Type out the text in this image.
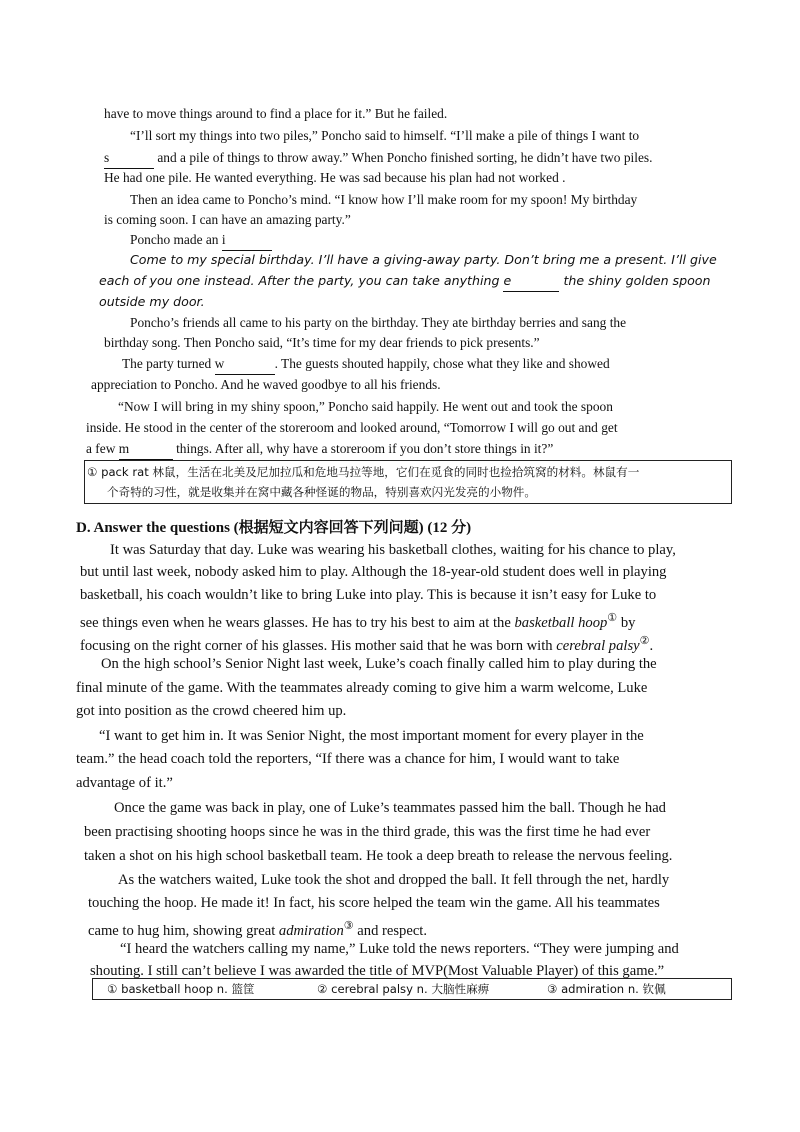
have to move things around to find a place for it.” But he failed.
“I’ll sort my things into two piles,” Poncho said to himself. “I’ll make a pile of things I want to
s	and a pile of things to throw away.” When Poncho finished sorting, he didn’t have two piles.
He had one pile. He wanted everything. He was sad because his plan had not worked .
Then an idea came to Poncho’s mind. “I know how I’ll make room for my spoon! My birthday
is coming soon. I can have an amazing party.”
Poncho made an i
Come to my special birthday. I’ll have a giving-away party. Don’t bring me a present. I’ll give
each of you one instead. After the party, you can take anything e	the shiny golden spoon
outside my door.
Poncho’s friends all came to his party on the birthday. They ate birthday berries and sang the
birthday song. Then Poncho said, “It’s time for my dear friends to pick presents.”
The party turned w	. The guests shouted happily, chose what they like and showed
appreciation to Poncho. And he waved goodbye to all his friends.
“Now I will bring in my shiny spoon,” Poncho said happily. He went out and took the spoon
inside. He stood in the center of the storeroom and looked around, “Tomorrow I will go out and get
a few m	things. After all, why have a storeroom if you don’t store things in it?”
① pack rat 林鼠，生活在北美及尼加拉瓜和危地马拉等地，它们在觅食的同时也捡拾筑窝的材料。林鼠有一
个奇特的习性，就是收集并在窝中藏各种怪诞的物品，特别喜欢闪光发亮的小物件。
D. Answer the questions (根据短文内容回答下列问题) (12 分)
It was Saturday that day. Luke was wearing his basketball clothes, waiting for his chance to play,
but until last week, nobody asked him to play. Although the 18-year-old student does well in playing
basketball, his coach wouldn’t like to bring Luke into play. This is because it isn’t easy for Luke to
see things even when he wears glasses. He has to try his best to aim at the basketball hoop① by
focusing on the right corner of his glasses. His mother said that he was born with cerebral palsy②.
On the high school’s Senior Night last week, Luke’s coach finally called him to play during the
final minute of the game. With the teammates already coming to give him a warm welcome, Luke
got into position as the crowd cheered him up.
“I want to get him in. It was Senior Night, the most important moment for every player in the
team.” the head coach told the reporters, “If there was a chance for him, I would want to take
advantage of it.”
Once the game was back in play, one of Luke’s teammates passed him the ball. Though he had
been practising shooting hoops since he was in the third grade, this was the first time he had ever
taken a shot on his high school basketball team. He took a deep breath to release the nervous feeling.
As the watchers waited, Luke took the shot and dropped the ball. It fell through the net, hardly
touching the hoop. He made it! In fact, his score helped the team win the game. All his teammates
came to hug him, showing great admiration③ and respect.
“I heard the watchers calling my name,” Luke told the news reporters. “They were jumping and
shouting. I still can’t believe I was awarded the title of MVP(Most Valuable Player) of this game.”
① basketball hoop n. 篮筐	② cerebral palsy n. 大脑性麻痹	③ admiration n. 钦佩
